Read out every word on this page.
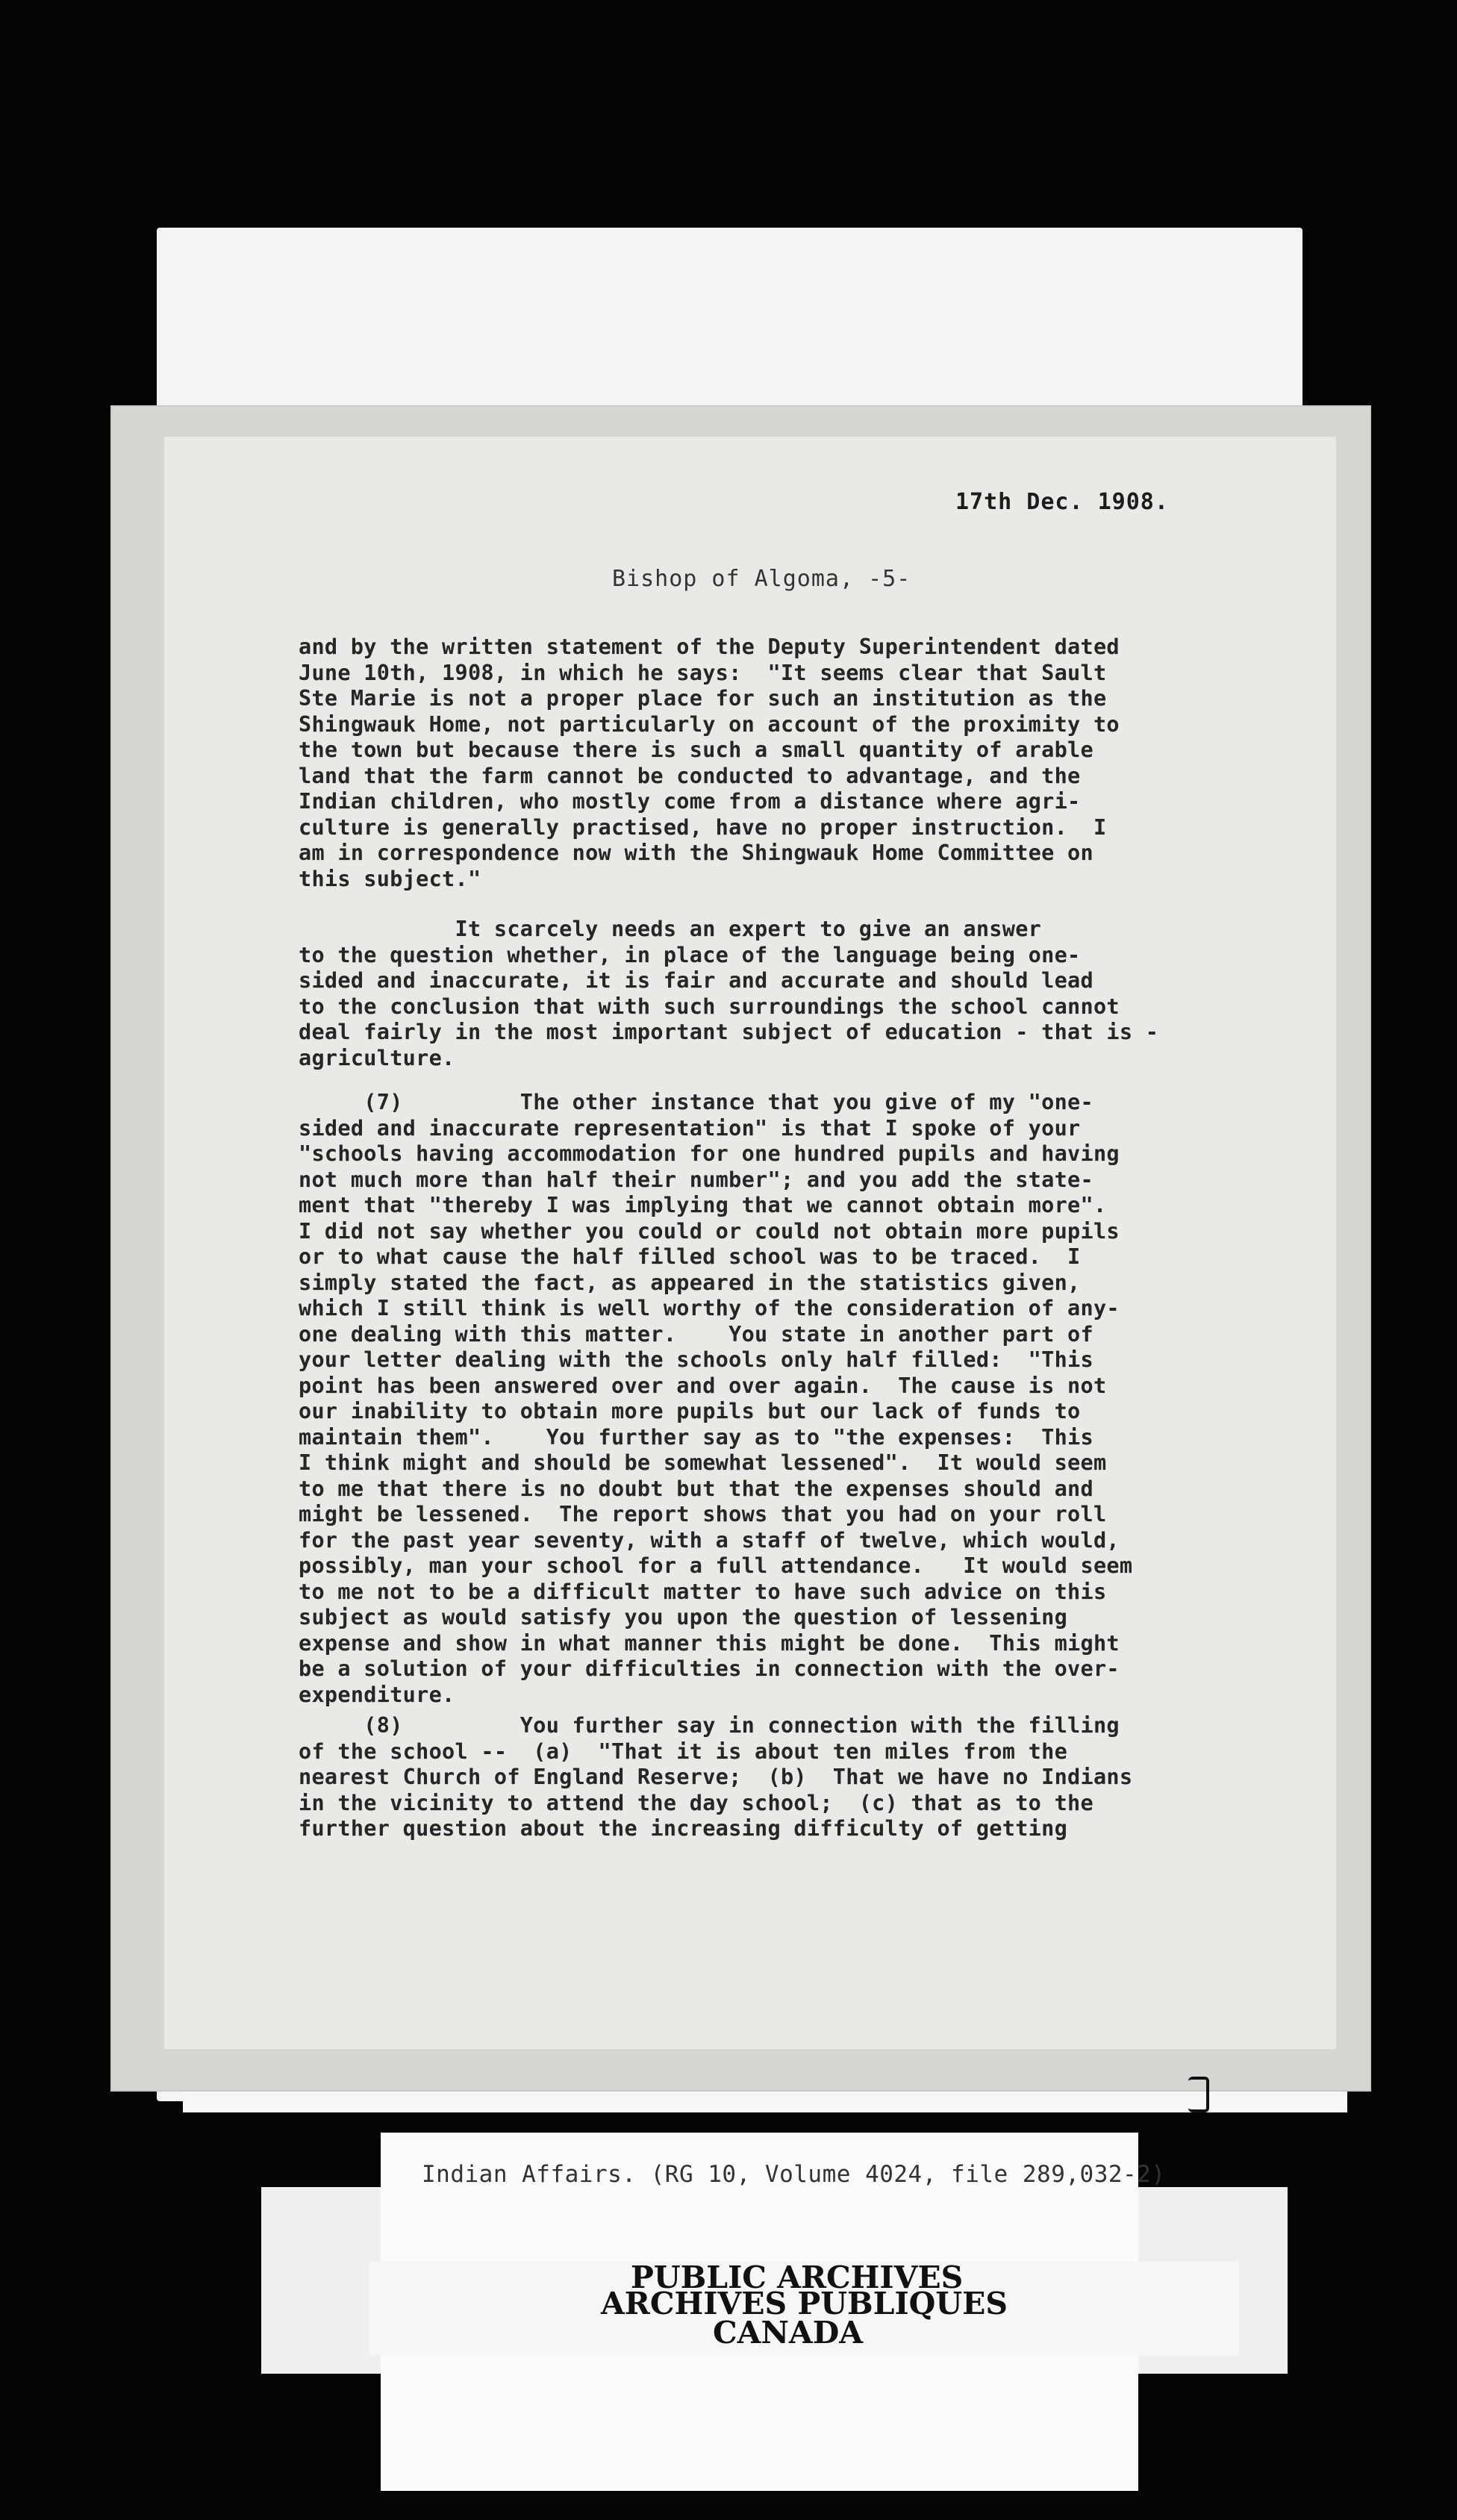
17th Dec. 1908.
Bishop of Algoma, -5-
and by the written statement of the Deputy Superintendent dated
June 10th, 1908, in which he says:  "It seems clear that Sault
Ste Marie is not a proper place for such an institution as the
Shingwauk Home, not particularly on account of the proximity to
the town but because there is such a small quantity of arable
land that the farm cannot be conducted to advantage, and the
Indian children, who mostly come from a distance where agri-
culture is generally practised, have no proper instruction.  I
am in correspondence now with the Shingwauk Home Committee on
this subject."
It scarcely needs an expert to give an answer
to the question whether, in place of the language being one-
sided and inaccurate, it is fair and accurate and should lead
to the conclusion that with such surroundings the school cannot
deal fairly in the most important subject of education - that is -
agriculture.
(7)         The other instance that you give of my "one-
sided and inaccurate representation" is that I spoke of your
"schools having accommodation for one hundred pupils and having
not much more than half their number"; and you add the state-
ment that "thereby I was implying that we cannot obtain more".
I did not say whether you could or could not obtain more pupils
or to what cause the half filled school was to be traced.  I
simply stated the fact, as appeared in the statistics given,
which I still think is well worthy of the consideration of any-
one dealing with this matter.    You state in another part of
your letter dealing with the schools only half filled:  "This
point has been answered over and over again.  The cause is not
our inability to obtain more pupils but our lack of funds to
maintain them".    You further say as to "the expenses:  This
I think might and should be somewhat lessened".  It would seem
to me that there is no doubt but that the expenses should and
might be lessened.  The report shows that you had on your roll
for the past year seventy, with a staff of twelve, which would,
possibly, man your school for a full attendance.   It would seem
to me not to be a difficult matter to have such advice on this
subject as would satisfy you upon the question of lessening
expense and show in what manner this might be done.  This might
be a solution of your difficulties in connection with the over-
expenditure.
(8)         You further say in connection with the filling
of the school --  (a)  "That it is about ten miles from the
nearest Church of England Reserve;  (b)  That we have no Indians
in the vicinity to attend the day school;  (c) that as to the
further question about the increasing difficulty of getting
Indian Affairs. (RG 10, Volume 4024, file 289,032-2)
PUBLIC ARCHIVES
ARCHIVES PUBLIQUES
CANADA
